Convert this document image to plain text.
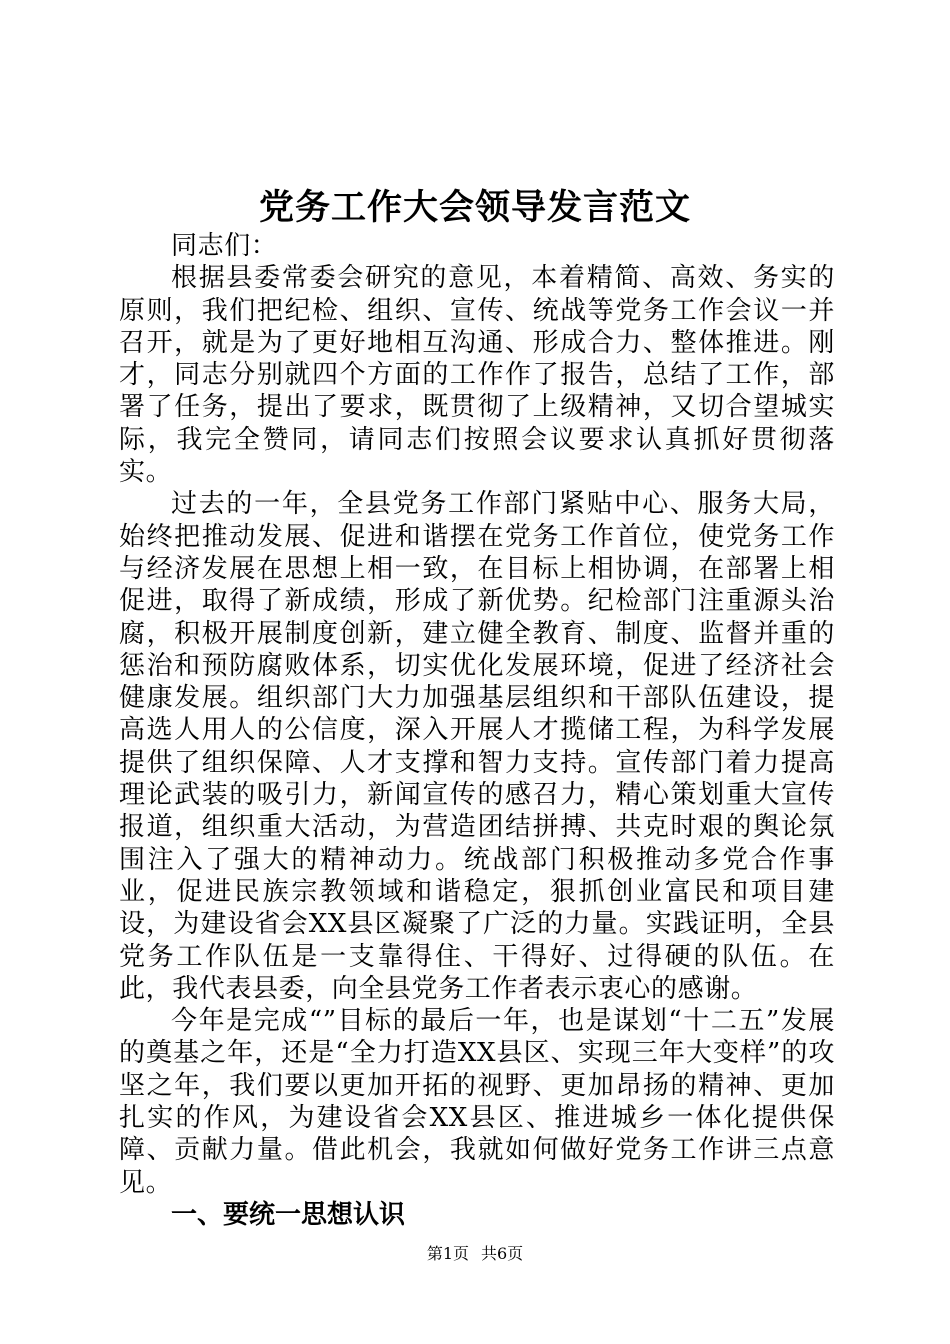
党务工作大会领导发言范文

同志们：

根据县委常委会研究的意见，本着精简、高效、务实的原则，我们把纪检、组织、宣传、统战等党务工作会议一并召开，就是为了更好地相互沟通、形成合力、整体推进。刚才，同志分别就四个方面的工作作了报告，总结了工作，部署了任务，提出了要求，既贯彻了上级精神，又切合望城实际，我完全赞同，请同志们按照会议要求认真抓好贯彻落实。

过去的一年，全县党务工作部门紧贴中心、服务大局，始终把推动发展、促进和谐摆在党务工作首位，使党务工作与经济发展在思想上相一致，在目标上相协调，在部署上相促进，取得了新成绩，形成了新优势。纪检部门注重源头治腐，积极开展制度创新，建立健全教育、制度、监督并重的惩治和预防腐败体系，切实优化发展环境，促进了经济社会健康发展。组织部门大力加强基层组织和干部队伍建设，提高选人用人的公信度，深入开展人才揽储工程，为科学发展提供了组织保障、人才支撑和智力支持。宣传部门着力提高理论武装的吸引力，新闻宣传的感召力，精心策划重大宣传报道，组织重大活动，为营造团结拼搏、共克时艰的舆论氛围注入了强大的精神动力。统战部门积极推动多党合作事业，促进民族宗教领域和谐稳定，狠抓创业富民和项目建设，为建设省会XX县区凝聚了广泛的力量。实践证明，全县党务工作队伍是一支靠得住、干得好、过得硬的队伍。在此，我代表县委，向全县党务工作者表示衷心的感谢。

今年是完成“”目标的最后一年，也是谋划“十二五”发展的奠基之年，还是“全力打造XX县区、实现三年大变样”的攻坚之年，我们要以更加开拓的视野、更加昂扬的精神、更加扎实的作风，为建设省会XX县区、推进城乡一体化提供保障、贡献力量。借此机会，我就如何做好党务工作讲三点意见。

一、要统一思想认识

第1页 共6页
